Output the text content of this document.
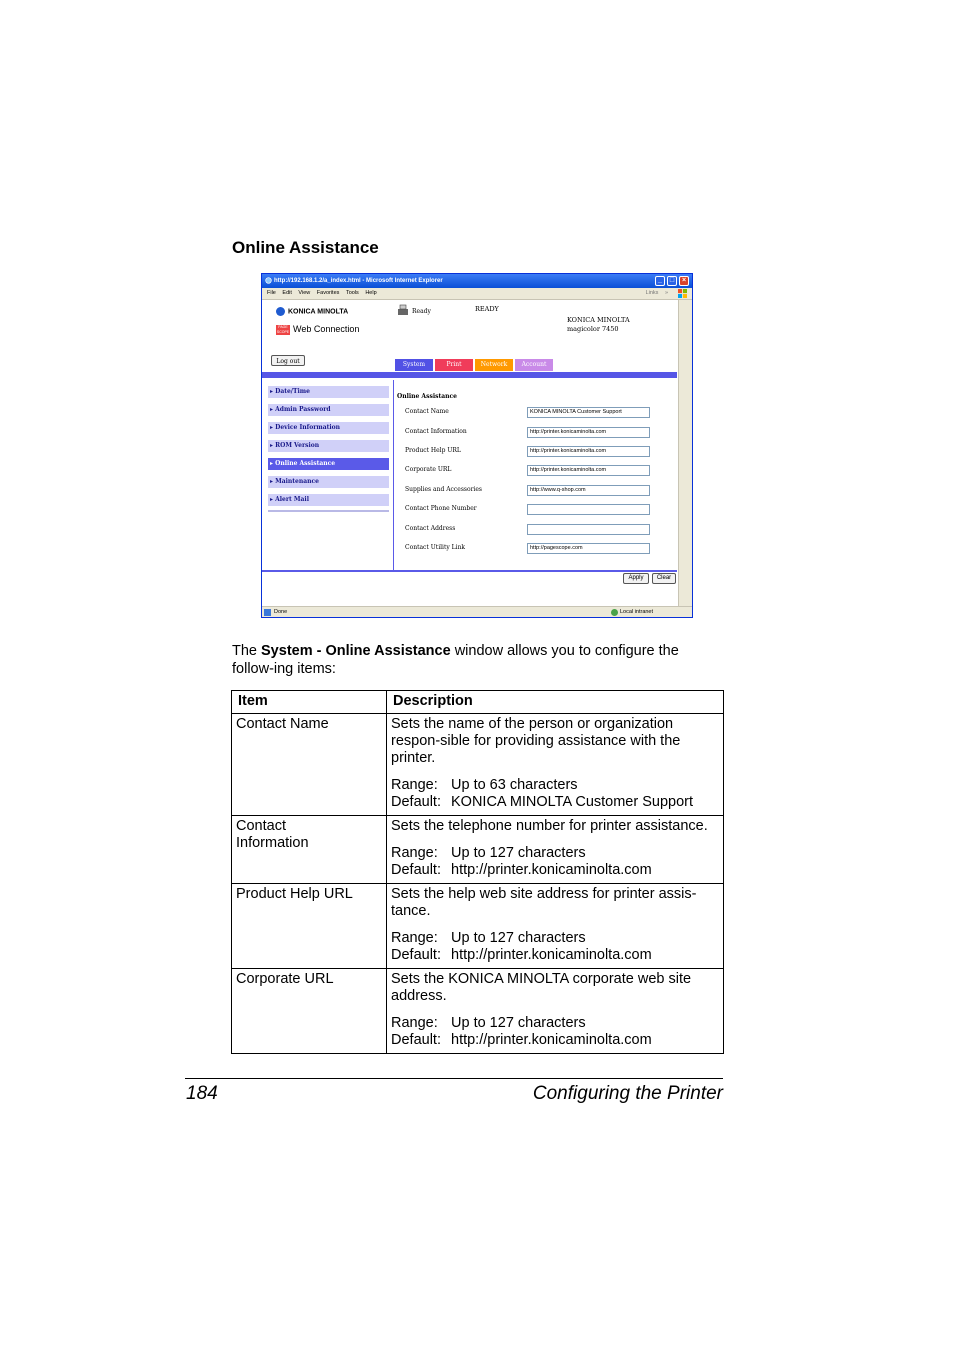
Online Assistance
http://192.168.1.2/a_index.html - Microsoft Internet Explorer	_	□	×
File Edit View Favorites Tools Help	Links »
KONICA MINOLTA
PAGE SCOPE Web Connection
Ready	READY
KONICA MINOLTA
magicolor 7450
Log out	System	Print	Network	Account
▸ Date/Time
▸ Admin Password
▸ Device Information
▸ ROM Version
▸ Online Assistance
▸ Maintenance
▸ Alert Mail
Online Assistance
Contact Name	KONICA MINOLTA Customer Support
Contact Information	http://printer.konicaminolta.com
Product Help URL	http://printer.konicaminolta.com
Corporate URL	http://printer.konicaminolta.com
Supplies and Accessories	http://www.q-shop.com
Contact Phone Number
Contact Address
Contact Utility Link	http://pagescope.com
Apply	Clear
Done	Local intranet
The System - Online Assistance window allows you to configure the follow-ing items:
Item	Description
Contact Name	Sets the name of the person or organization respon-sible for providing assistance with the printer.
Range: Up to 63 characters
Default: KONICA MINOLTA Customer Support

Contact Information	Sets the telephone number for printer assistance.
Range: Up to 127 characters
Default: http://printer.konicaminolta.com

Product Help URL	Sets the help web site address for printer assis-tance.
Range: Up to 127 characters
Default: http://printer.konicaminolta.com

Corporate URL	Sets the KONICA MINOLTA corporate web site address.
Range: Up to 127 characters
Default: http://printer.konicaminolta.com
184	Configuring the Printer
